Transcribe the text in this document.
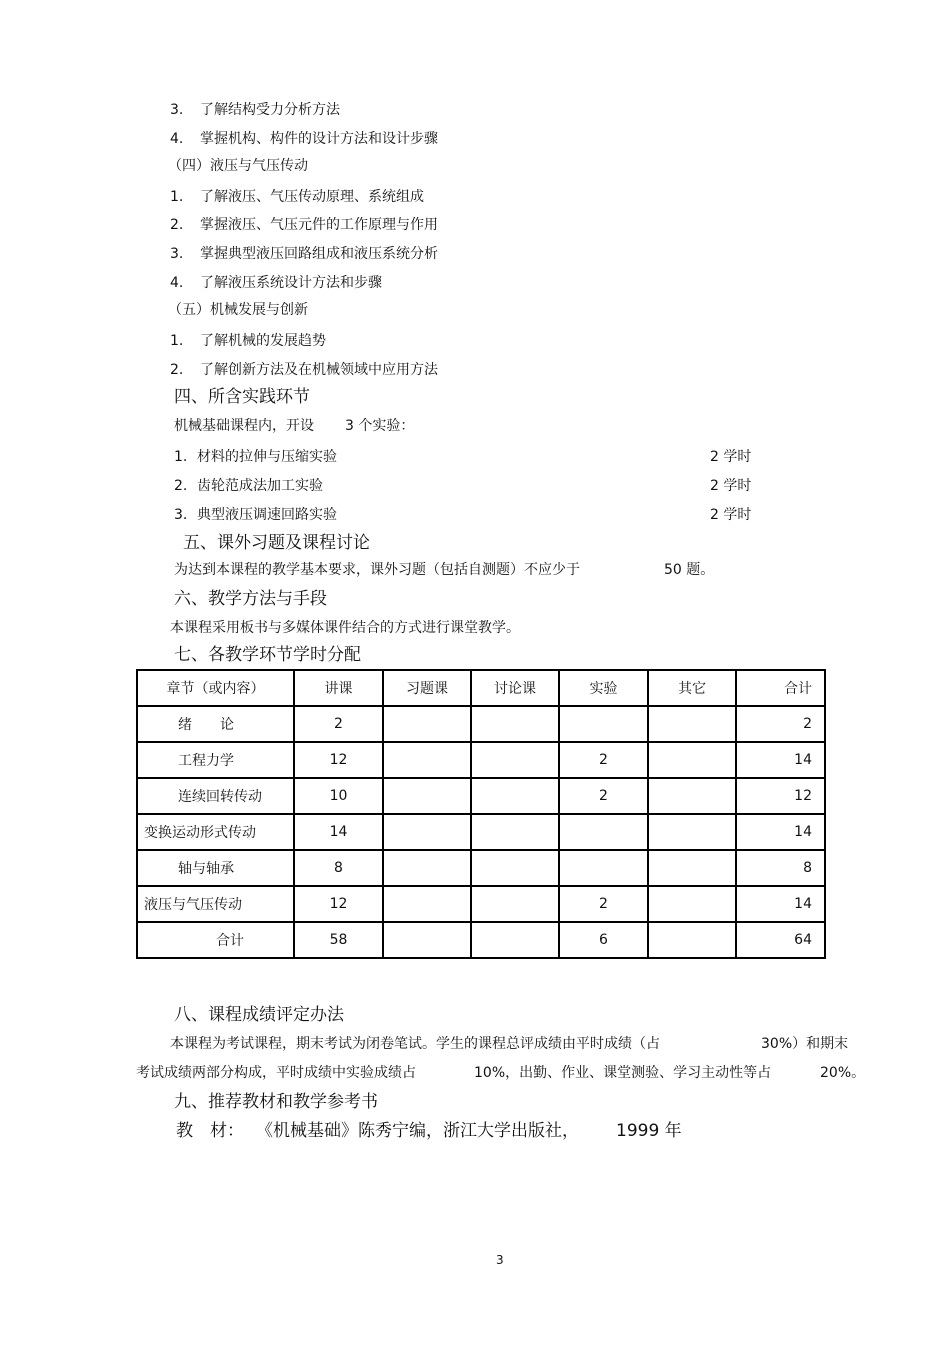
3. 了解结构受力分析方法
4. 掌握机构、构件的设计方法和设计步骤
（四）液压与气压传动
1. 了解液压、气压传动原理、系统组成
2. 掌握液压、气压元件的工作原理与作用
3. 掌握典型液压回路组成和液压系统分析
4. 了解液压系统设计方法和步骤
（五）机械发展与创新
1. 了解机械的发展趋势
2. 了解创新方法及在机械领域中应用方法
四、所含实践环节
机械基础课程内，开设 3 个实验：
1. 材料的拉伸与压缩实验	2 学时
2. 齿轮范成法加工实验	2 学时
3. 典型液压调速回路实验	2 学时
五、课外习题及课程讨论
为达到本课程的教学基本要求，课外习题（包括自测题）不应少于	50 题。
六、教学方法与手段
本课程采用板书与多媒体课件结合的方式进行课堂教学。
七、各教学环节学时分配
章节（或内容）	讲课	习题课	讨论课	实验	其它	合计
绪　　论	2					2
工程力学	12			2		14
连续回转传动	10			2		12
变换运动形式传动	14					14
轴与轴承	8					8
液压与气压传动	12			2		14
合计	58			6		64
八、课程成绩评定办法
本课程为考试课程，期末考试为闭卷笔试。学生的课程总评成绩由平时成绩（占	30%）和期末
考试成绩两部分构成，平时成绩中实验成绩占	10%，出勤、作业、课堂测验、学习主动性等占	20%。
九、推荐教材和教学参考书
教　材： 《机械基础》陈秀宁编，浙江大学出版社， 1999 年
3
